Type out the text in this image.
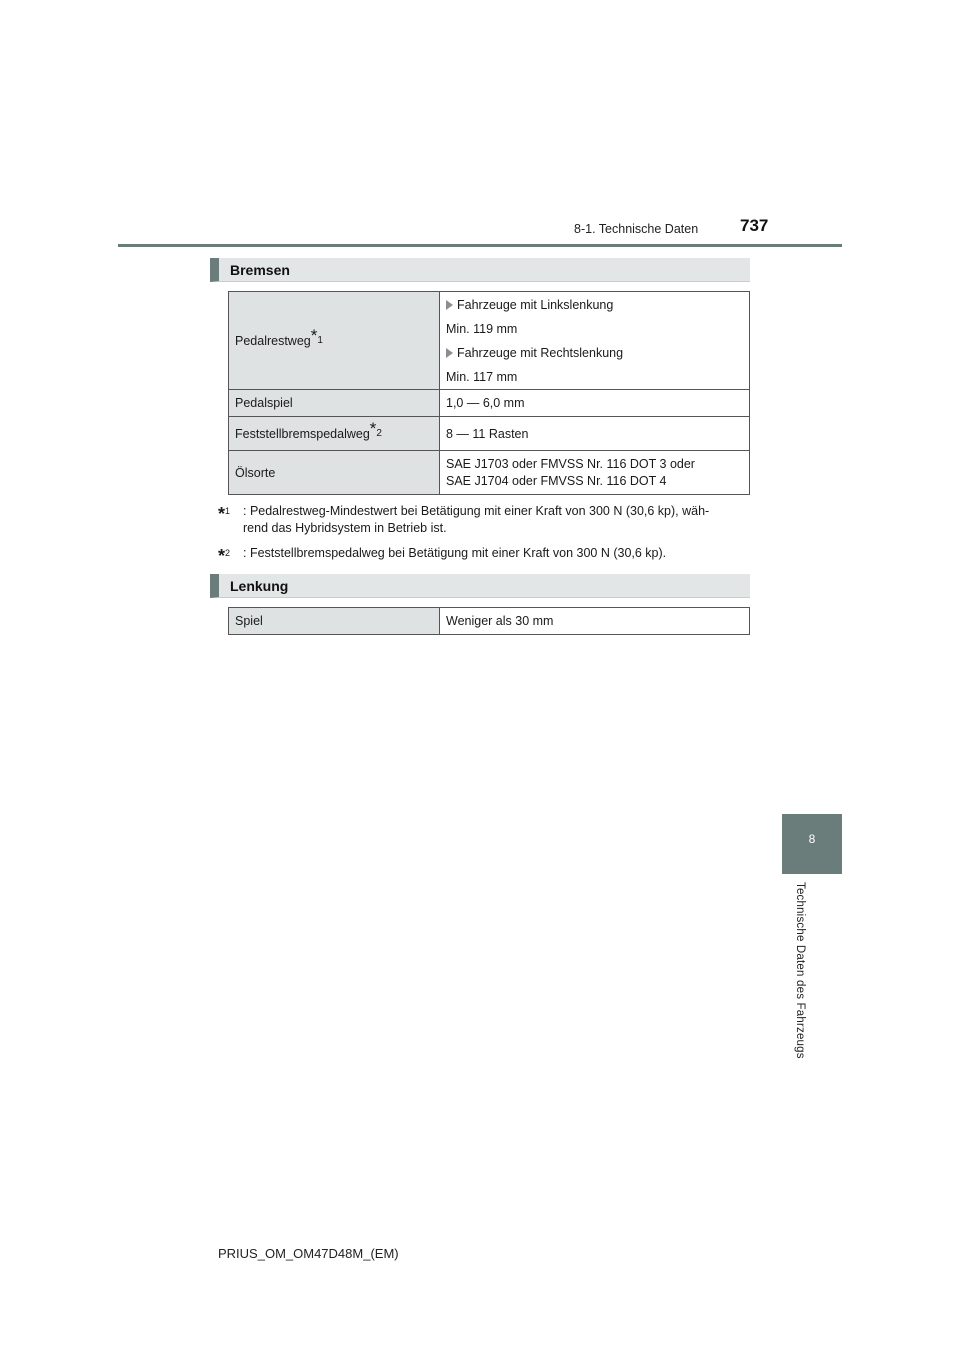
8-1. Technische Daten 737
Bremsen
Pedalrestweg$^{*1}$	Fahrzeuge mit Linkslenkung

Min. 119 mm

Fahrzeuge mit Rechtslenkung

Min. 117 mm

Pedalspiel	1,0 — 6,0 mm
Feststellbremspedalweg$^{*2}$	8 — 11 Rasten
Ölsorte	SAE J1703 oder FMVSS Nr. 116 DOT 3 oder
SAE J1704 oder FMVSS Nr. 116 DOT 4
*$^1$ : Pedalrestweg-Mindestwert bei Betätigung mit einer Kraft von 300 N (30,6 kp), wäh-
rend das Hybridsystem in Betrieb ist.
*$^2$ : Feststellbremspedalweg bei Betätigung mit einer Kraft von 300 N (30,6 kp).
Lenkung
Spiel	Weniger als 30 mm
8
Technische Daten des Fahrzeugs
PRIUS_OM_OM47D48M_(EM)
